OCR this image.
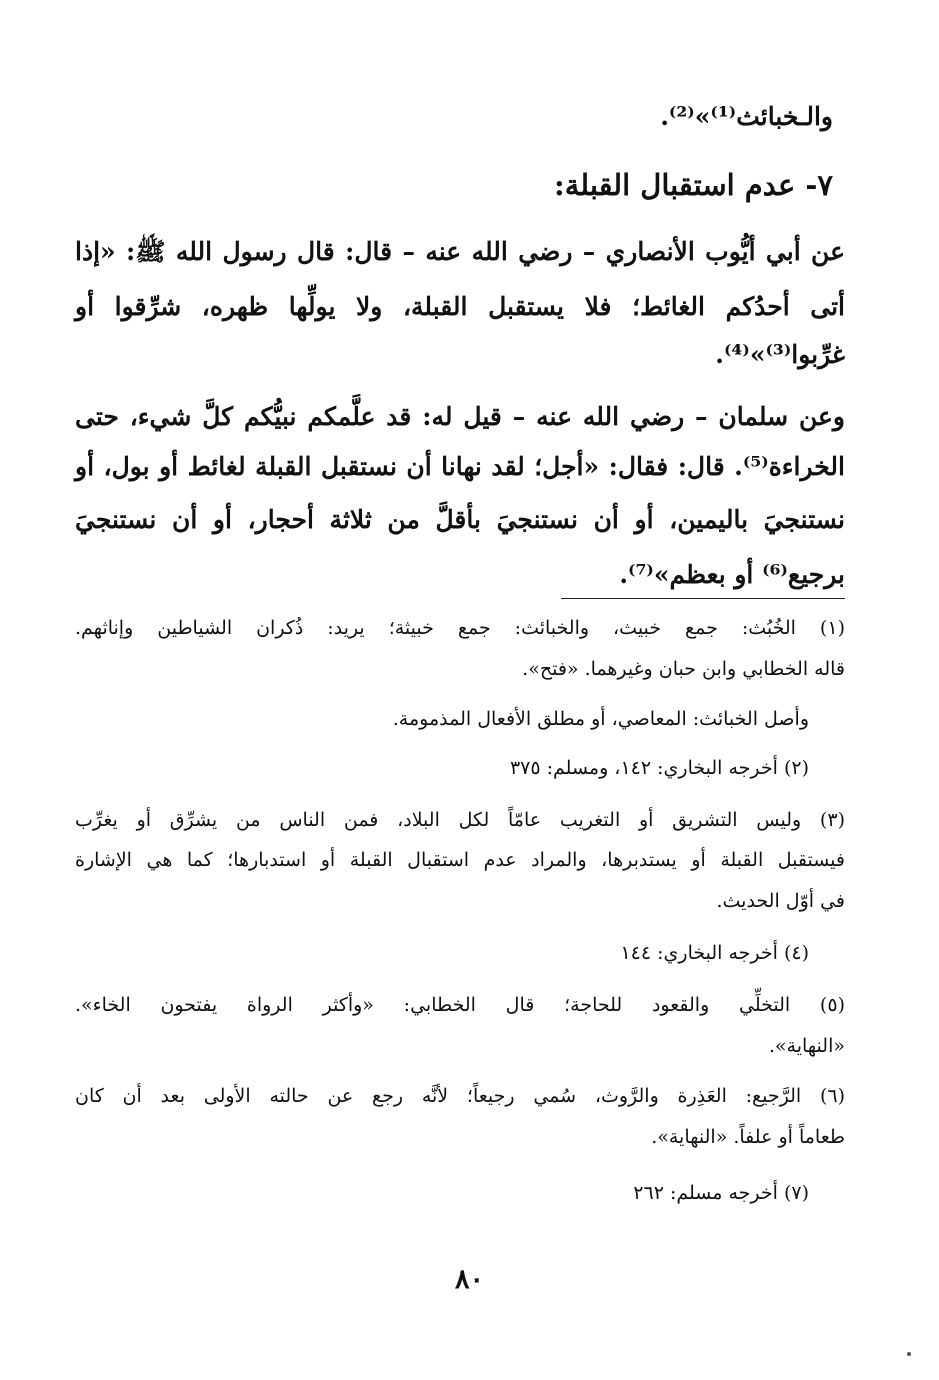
والـخبائث⁽¹⁾»⁽²⁾.
٧- عدم استقبال القبلة:
عن أبي أيُّوب الأنصاري – رضي الله عنه – قال: قال رسول الله ﷺ: «إذا
أتى أحدُكم الغائط؛ فلا يستقبل القبلة، ولا يولِّها ظهره، شرِّقوا أو
غرِّبوا⁽³⁾»⁽⁴⁾.
وعن سلمان – رضي الله عنه – قيل له: قد علَّمكم نبيُّكم كلَّ شيء، حتى
الخراءة⁽⁵⁾. قال: فقال: «أجل؛ لقد نهانا أن نستقبل القبلة لغائط أو بول، أو
نستنجيَ باليمين، أو أن نستنجيَ بأقلَّ من ثلاثة أحجار، أو أن نستنجيَ
برجيع⁽⁶⁾ أو بعظم»⁽⁷⁾.
(١) الخُبُث: جمع خبيث، والخبائث: جمع خبيثة؛ يريد: ذُكران الشياطين وإناثهم.
قاله الخطابي وابن حبان وغيرهما. «فتح».
وأصل الخبائث: المعاصي، أو مطلق الأفعال المذمومة.
(٢) أخرجه البخاري: ١٤٢، ومسلم: ٣٧٥
(٣) وليس التشريق أو التغريب عامّاً لكل البلاد، فمن الناس من يشرِّق أو يغرِّب
فيستقبل القبلة أو يستدبرها، والمراد عدم استقبال القبلة أو استدبارها؛ كما هي الإشارة
في أوّل الحديث.
(٤) أخرجه البخاري: ١٤٤
(٥) التخلِّي والقعود للحاجة؛ قال الخطابي: «وأكثر الرواة يفتحون الخاء».
«النهاية».
(٦) الرَّجيع: العَذِرة والرَّوث، سُمي رجيعاً؛ لأنَّه رجع عن حالته الأولى بعد أن كان
طعاماً أو علفاً. «النهاية».
(٧) أخرجه مسلم: ٢٦٢
٨٠
